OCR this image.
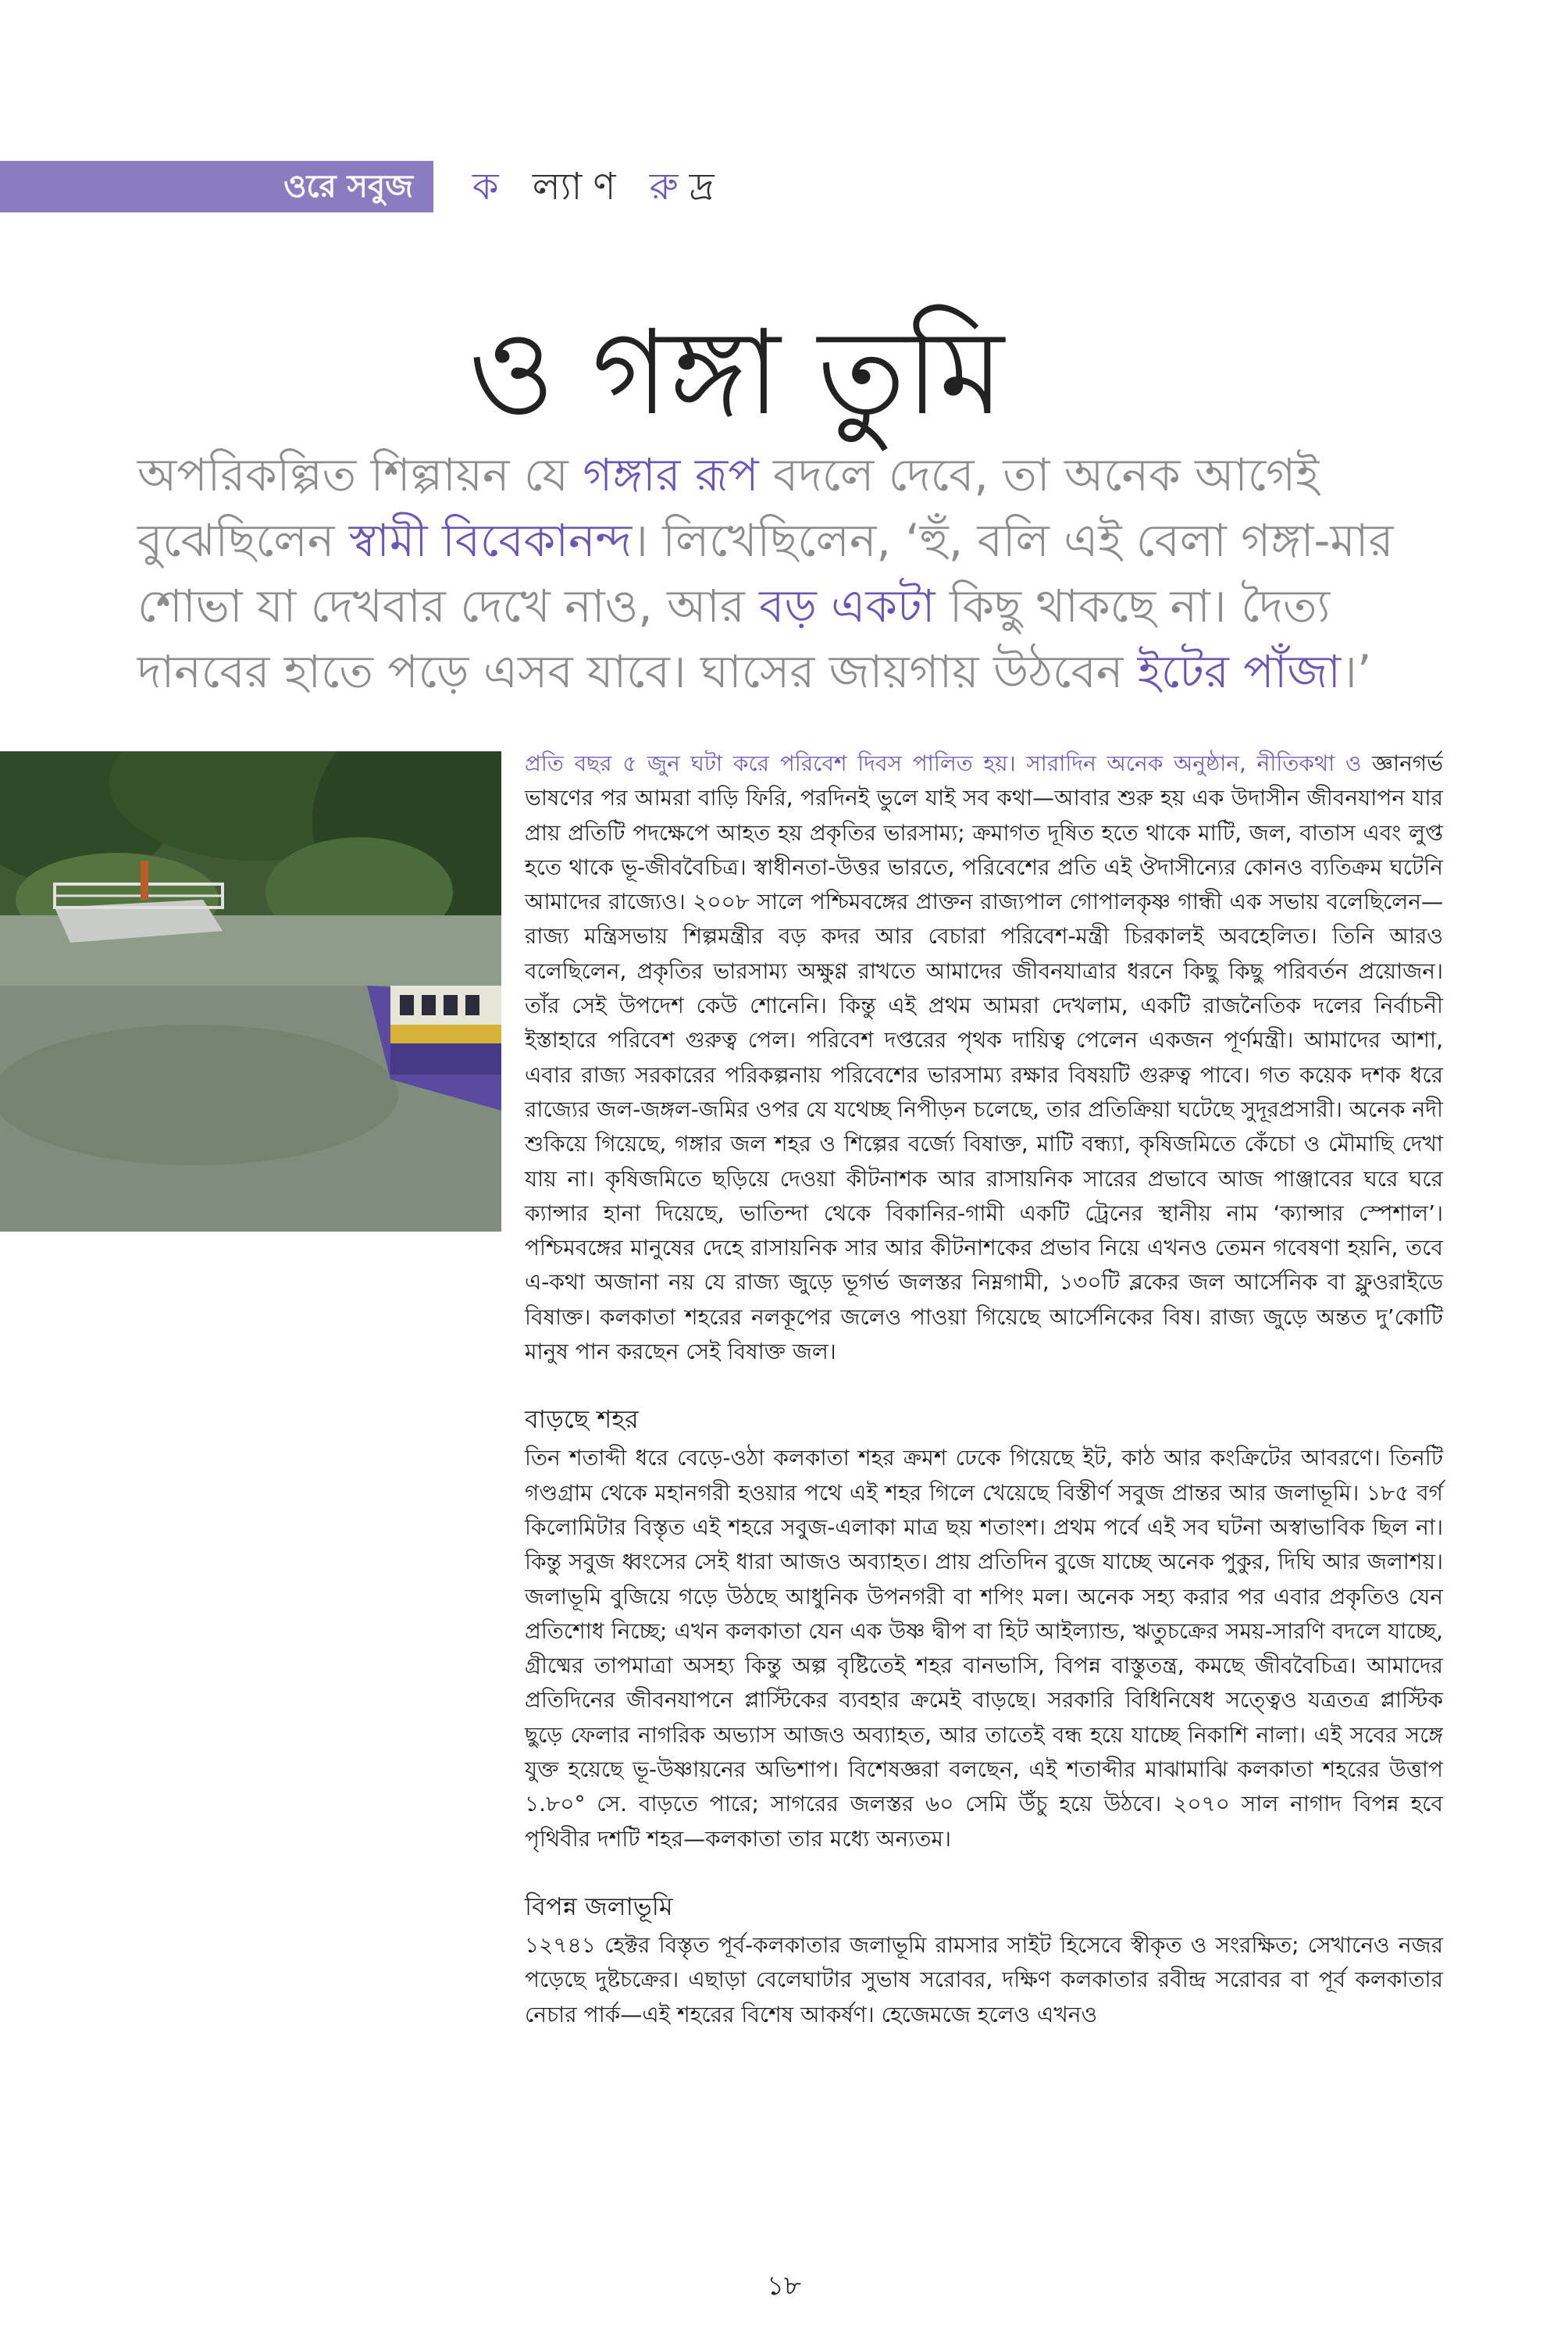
ওরে সবুজ ক ল্যাণ রুদ্র
ও গঙ্গা তুমি

অপরিকল্পিত শিল্পায়ন যে গঙ্গার রূপ বদলে দেবে, তা অনেক আগেই বুঝেছিলেন স্বামী বিবেকানন্দ। লিখেছিলেন, ‘হুঁ, বলি এই বেলা গঙ্গা-মার শোভা যা দেখবার দেখে নাও, আর বড় একটা কিছু থাকছে না। দৈত্য দানবের হাতে পড়ে এসব যাবে। ঘাসের জায়গায় উঠবেন ইটের পাঁজা।’

প্রতি বছর ৫ জুন ঘটা করে পরিবেশ দিবস পালিত হয়। সারাদিন অনেক অনুষ্ঠান, নীতিকথা ও জ্ঞানগর্ভ ভাষণের পর আমরা বাড়ি ফিরি, পরদিনই ভুলে যাই সব কথা—আবার শুরু হয় এক উদাসীন জীবনযাপন যার প্রায় প্রতিটি পদক্ষেপে আহত হয় প্রকৃতির ভারসাম্য; ক্রমাগত দূষিত হতে থাকে মাটি, জল, বাতাস এবং লুপ্ত হতে থাকে ভূ-জীববৈচিত্র। স্বাধীনতা-উত্তর ভারতে, পরিবেশের প্রতি এই ঔদাসীন্যের কোনও ব্যতিক্রম ঘটেনি আমাদের রাজ্যেও। ২০০৮ সালে পশ্চিমবঙ্গের প্রাক্তন রাজ্যপাল গোপালকৃষ্ণ গান্ধী এক সভায় বলেছিলেন—রাজ্য মন্ত্রিসভায় শিল্পমন্ত্রীর বড় কদর আর বেচারা পরিবেশ-মন্ত্রী চিরকালই অবহেলিত। তিনি আরও বলেছিলেন, প্রকৃতির ভারসাম্য অক্ষুণ্ণ রাখতে আমাদের জীবনযাত্রার ধরনে কিছু কিছু পরিবর্তন প্রয়োজন। তাঁর সেই উপদেশ কেউ শোনেনি। কিন্তু এই প্রথম আমরা দেখলাম, একটি রাজনৈতিক দলের নির্বাচনী ইস্তাহারে পরিবেশ গুরুত্ব পেল। পরিবেশ দপ্তরের পৃথক দায়িত্ব পেলেন একজন পূর্ণমন্ত্রী। আমাদের আশা, এবার রাজ্য সরকারের পরিকল্পনায় পরিবেশের ভারসাম্য রক্ষার বিষয়টি গুরুত্ব পাবে। গত কয়েক দশক ধরে রাজ্যের জল-জঙ্গল-জমির ওপর যে যথেচ্ছ নিপীড়ন চলেছে, তার প্রতিক্রিয়া ঘটেছে সুদূরপ্রসারী। অনেক নদী শুকিয়ে গিয়েছে, গঙ্গার জল শহর ও শিল্পের বর্জ্যে বিষাক্ত, মাটি বন্ধ্যা, কৃষিজমিতে কেঁচো ও মৌমাছি দেখা যায় না। কৃষিজমিতে ছড়িয়ে দেওয়া কীটনাশক আর রাসায়নিক সারের প্রভাবে আজ পাঞ্জাবের ঘরে ঘরে ক্যান্সার হানা দিয়েছে, ভাতিন্দা থেকে বিকানির-গামী একটি ট্রেনের স্থানীয় নাম ‘ক্যান্সার স্পেশাল’। পশ্চিমবঙ্গের মানুষের দেহে রাসায়নিক সার আর কীটনাশকের প্রভাব নিয়ে এখনও তেমন গবেষণা হয়নি, তবে এ-কথা অজানা নয় যে রাজ্য জুড়ে ভূগর্ভ জলস্তর নিম্নগামী, ১৩০টি ব্লকের জল আর্সেনিক বা ফ্লুওরাইডে বিষাক্ত। কলকাতা শহরের নলকূপের জলেও পাওয়া গিয়েছে আর্সেনিকের বিষ। রাজ্য জুড়ে অন্তত দু’কোটি মানুষ পান করছেন সেই বিষাক্ত জল।

বাড়ছে শহর

তিন শতাব্দী ধরে বেড়ে-ওঠা কলকাতা শহর ক্রমশ ঢেকে গিয়েছে ইট, কাঠ আর কংক্রিটের আবরণে। তিনটি গণ্ডগ্রাম থেকে মহানগরী হওয়ার পথে এই শহর গিলে খেয়েছে বিস্তীর্ণ সবুজ প্রান্তর আর জলাভূমি। ১৮৫ বর্গ কিলোমিটার বিস্তৃত এই শহরে সবুজ-এলাকা মাত্র ছয় শতাংশ। প্রথম পর্বে এই সব ঘটনা অস্বাভাবিক ছিল না। কিন্তু সবুজ ধ্বংসের সেই ধারা আজও অব্যাহত। প্রায় প্রতিদিন বুজে যাচ্ছে অনেক পুকুর, দিঘি আর জলাশয়। জলাভূমি বুজিয়ে গড়ে উঠছে আধুনিক উপনগরী বা শপিং মল। অনেক সহ্য করার পর এবার প্রকৃতিও যেন প্রতিশোধ নিচ্ছে; এখন কলকাতা যেন এক উষ্ণ দ্বীপ বা হিট আইল্যান্ড, ঋতুচক্রের সময়-সারণি বদলে যাচ্ছে, গ্রীষ্মের তাপমাত্রা অসহ্য কিন্তু অল্প বৃষ্টিতেই শহর বানভাসি, বিপন্ন বাস্তুতন্ত্র, কমছে জীববৈচিত্র। আমাদের প্রতিদিনের জীবনযাপনে প্লাস্টিকের ব্যবহার ক্রমেই বাড়ছে। সরকারি বিধিনিষেধ সত্ত্বেও যত্রতত্র প্লাস্টিক ছুড়ে ফেলার নাগরিক অভ্যাস আজও অব্যাহত, আর তাতেই বন্ধ হয়ে যাচ্ছে নিকাশি নালা। এই সবের সঙ্গে যুক্ত হয়েছে ভূ-উষ্ণায়নের অভিশাপ। বিশেষজ্ঞরা বলছেন, এই শতাব্দীর মাঝামাঝি কলকাতা শহরের উত্তাপ ১.৮০° সে. বাড়তে পারে; সাগরের জলস্তর ৬০ সেমি উঁচু হয়ে উঠবে। ২০৭০ সাল নাগাদ বিপন্ন হবে পৃথিবীর দশটি শহর—কলকাতা তার মধ্যে অন্যতম।

বিপন্ন জলাভূমি

১২৭৪১ হেক্টর বিস্তৃত পূর্ব-কলকাতার জলাভূমি রামসার সাইট হিসেবে স্বীকৃত ও সংরক্ষিত; সেখানেও নজর পড়েছে দুষ্টচক্রের। এছাড়া বেলেঘাটার সুভাষ সরোবর, দক্ষিণ কলকাতার রবীন্দ্র সরোবর বা পূর্ব কলকাতার নেচার পার্ক—এই শহরের বিশেষ আকর্ষণ। হেজেমজে হলেও এখনও

১৮
